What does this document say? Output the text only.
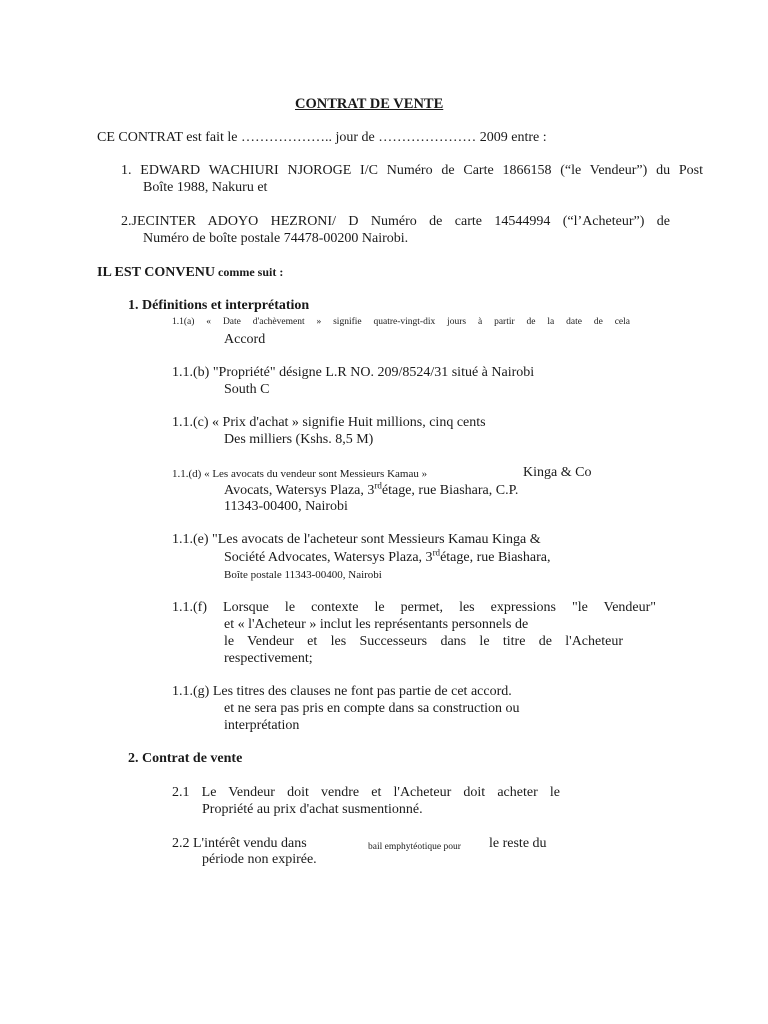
CONTRAT DE VENTE
CE CONTRAT est fait le ……………….. jour de ………………… 2009 entre :
1. EDWARD WACHIURI NJOROGE I/C Numéro de Carte 1866158 (“le Vendeur”) du Post
Boîte 1988, Nakuru et
2.JECINTER ADOYO HEZRONI/ D Numéro de carte 14544994 (“l’Acheteur”) de
Numéro de boîte postale 74478-00200 Nairobi.
IL EST CONVENU comme suit :
1. Définitions et interprétation
1.1(a) « Date d'achèvement » signifie quatre-vingt-dix jours à partir de la date de cela
Accord
1.1.(b) "Propriété" désigne L.R NO. 209/8524/31 situé à Nairobi
South C
1.1.(c) « Prix d'achat » signifie Huit millions, cinq cents
Des milliers (Kshs. 8,5 M)
1.1.(d) « Les avocats du vendeur sont Messieurs Kamau »	Kinga & Co
Avocats, Watersys Plaza, 3rdétage, rue Biashara, C.P.
11343-00400, Nairobi
1.1.(e) "Les avocats de l'acheteur sont Messieurs Kamau Kinga &
Société Advocates, Watersys Plaza, 3rdétage, rue Biashara,
Boîte postale 11343-00400, Nairobi
1.1.(f) Lorsque le contexte le permet, les expressions "le Vendeur"
et « l'Acheteur » inclut les représentants personnels de
le Vendeur et les Successeurs dans le titre de l'Acheteur
respectivement;
1.1.(g) Les titres des clauses ne font pas partie de cet accord.
et ne sera pas pris en compte dans sa construction ou
interprétation
2. Contrat de vente
2.1 Le Vendeur doit vendre et l'Acheteur doit acheter le
Propriété au prix d'achat susmentionné.
2.2 L'intérêt vendu dans	bail emphytéotique pour le reste du
période non expirée.
